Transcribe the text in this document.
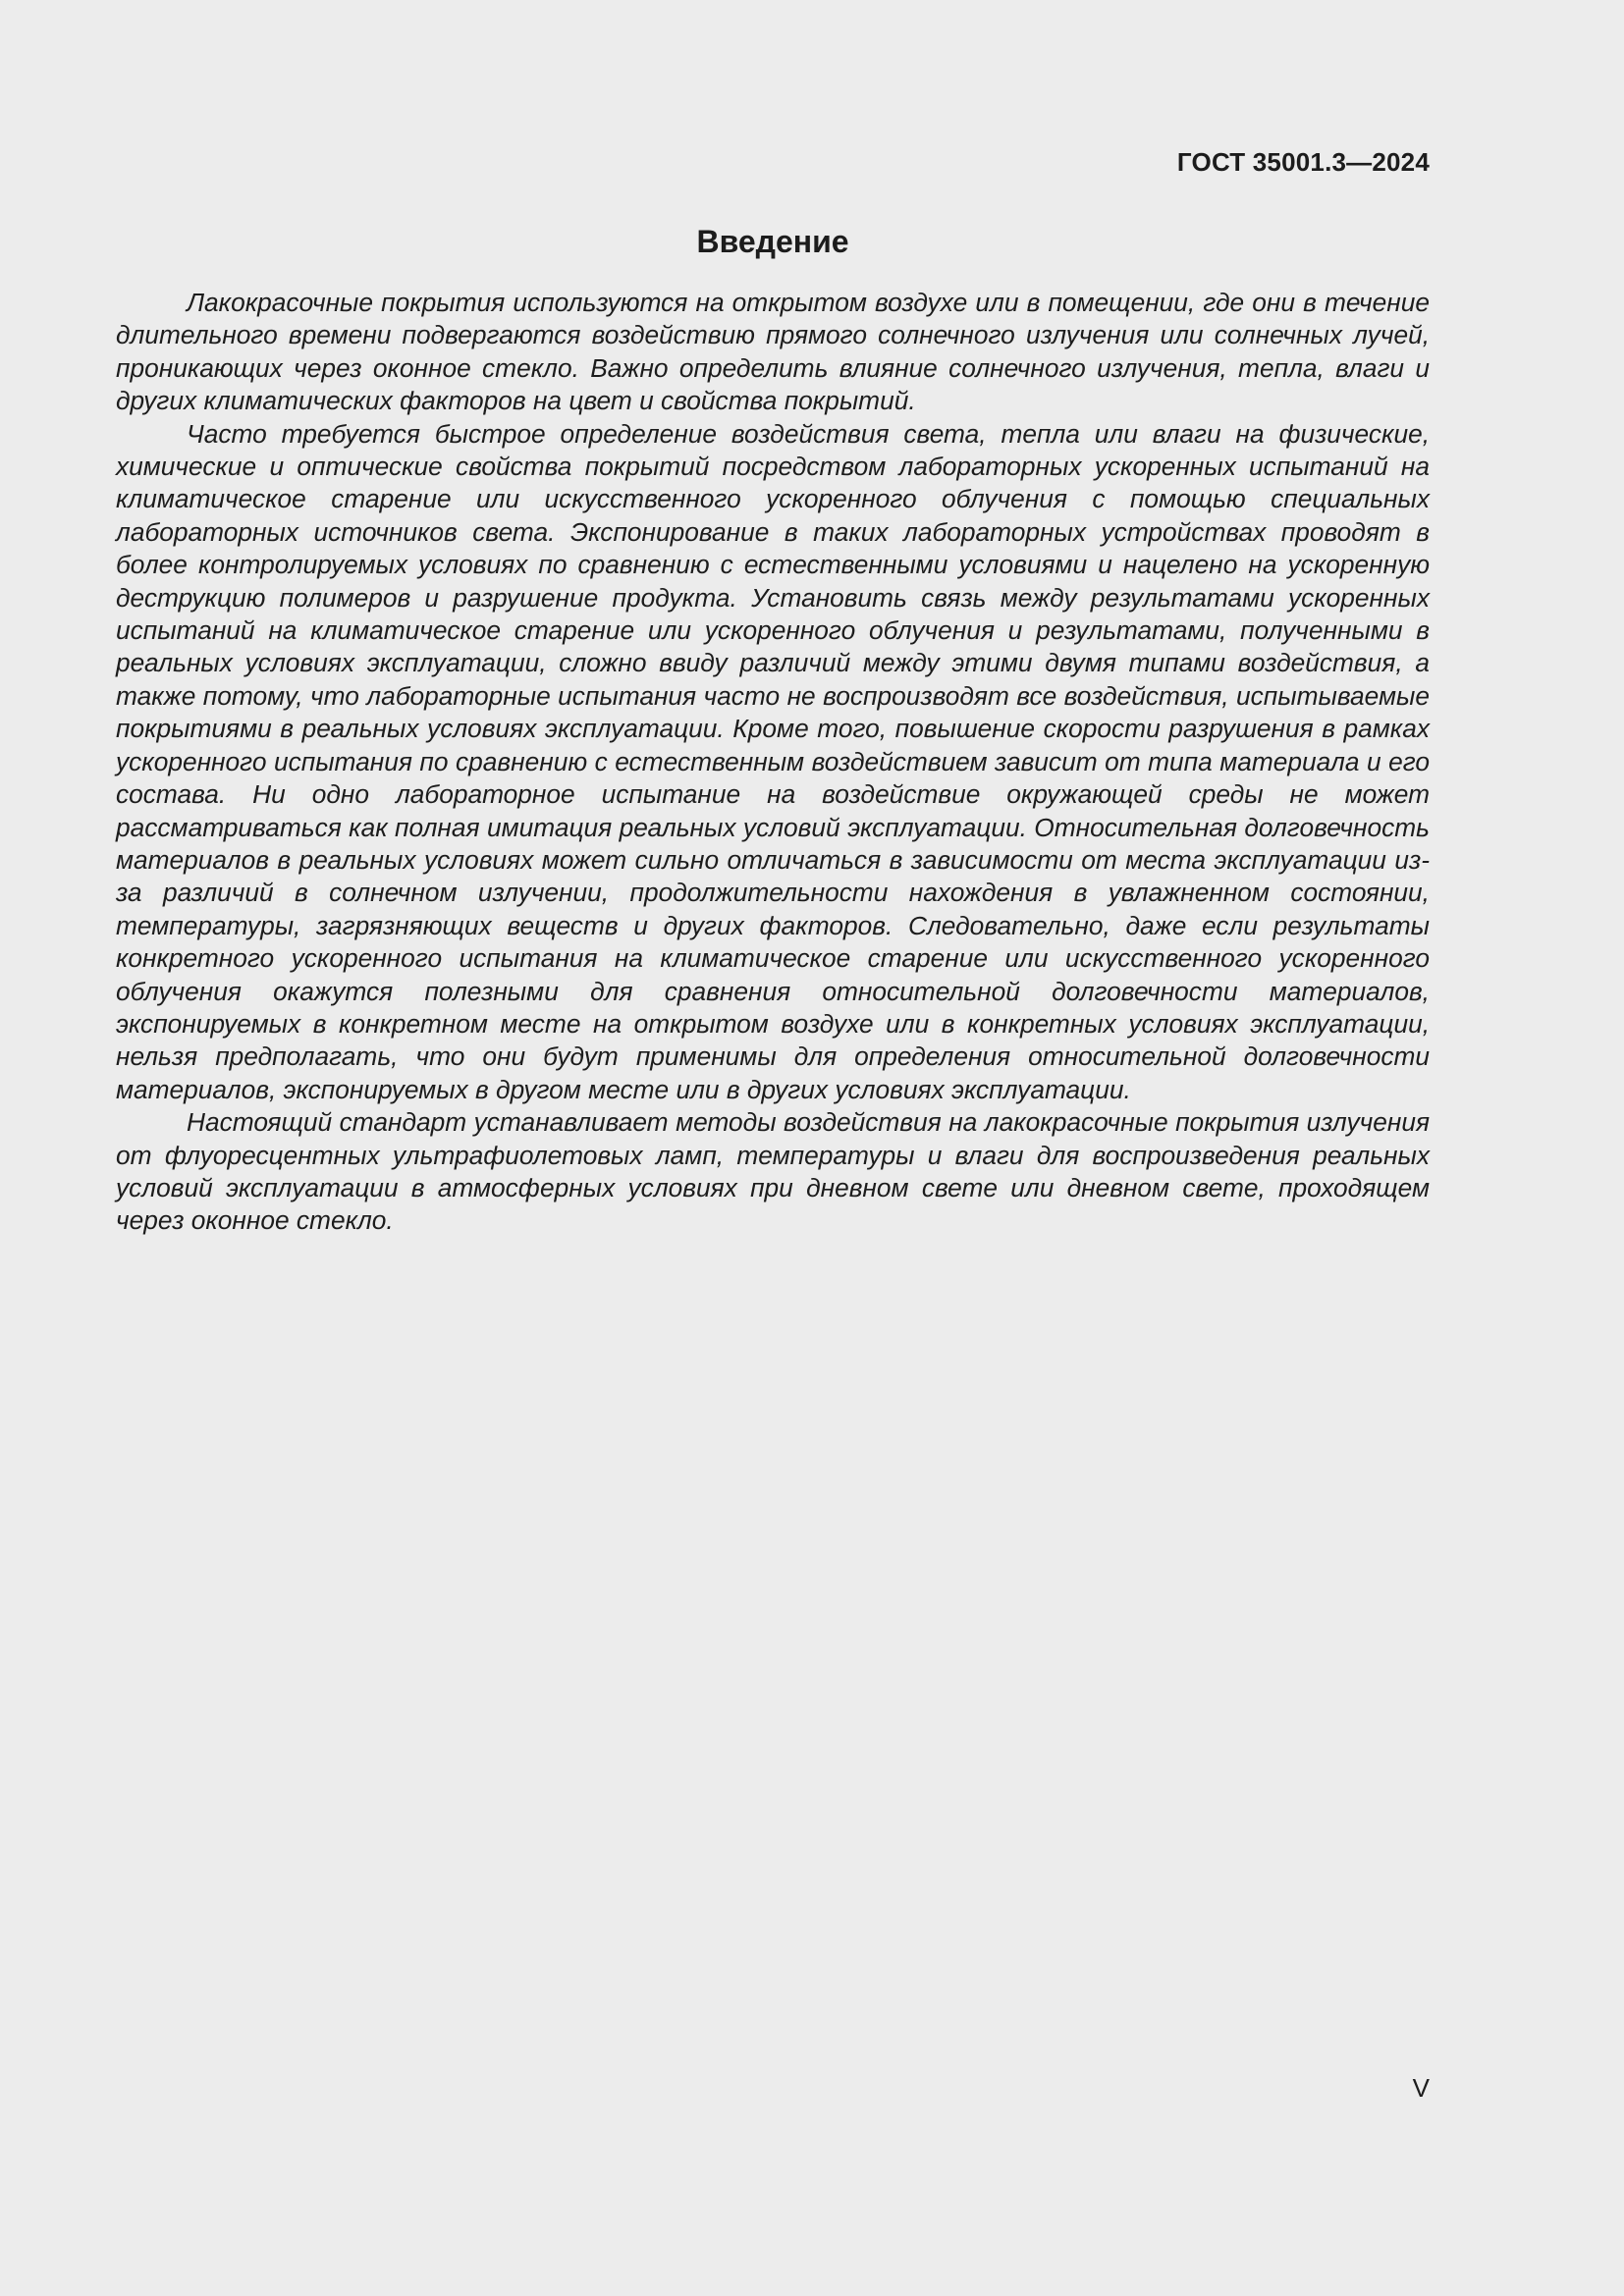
ГОСТ 35001.3—2024
Введение

Лакокрасочные покрытия используются на открытом воздухе или в помещении, где они в течение длительного времени подвергаются воздействию прямого солнечного излучения или солнечных лучей, проникающих через оконное стекло. Важно определить влияние солнечного излучения, тепла, влаги и других климатических факторов на цвет и свойства покрытий.

Часто требуется быстрое определение воздействия света, тепла или влаги на физические, химические и оптические свойства покрытий посредством лабораторных ускоренных испытаний на климатическое старение или искусственного ускоренного облучения с помощью специальных лабораторных источников света. Экспонирование в таких лабораторных устройствах проводят в более контролируемых условиях по сравнению с естественными условиями и нацелено на ускоренную деструкцию полимеров и разрушение продукта. Установить связь между результатами ускоренных испытаний на климатическое старение или ускоренного облучения и результатами, полученными в реальных условиях эксплуатации, сложно ввиду различий между этими двумя типами воздействия, а также потому, что лабораторные испытания часто не воспроизводят все воздействия, испытываемые покрытиями в реальных условиях эксплуатации. Кроме того, повышение скорости разрушения в рамках ускоренного испытания по сравнению с естественным воздействием зависит от типа материала и его состава. Ни одно лабораторное испытание на воздействие окружающей среды не может рассматриваться как полная имитация реальных условий эксплуатации. Относительная долговечность материалов в реальных условиях может сильно отличаться в зависимости от места эксплуатации из-за различий в солнечном излучении, продолжительности нахождения в увлажненном состоянии, температуры, загрязняющих веществ и других факторов. Следовательно, даже если результаты конкретного ускоренного испытания на климатическое старение или искусственного ускоренного облучения окажутся полезными для сравнения относительной долговечности материалов, экспонируемых в конкретном месте на открытом воздухе или в конкретных условиях эксплуатации, нельзя предполагать, что они будут применимы для определения относительной долговечности материалов, экспонируемых в другом месте или в других условиях эксплуатации.

Настоящий стандарт устанавливает методы воздействия на лакокрасочные покрытия излучения от флуоресцентных ультрафиолетовых ламп, температуры и влаги для воспроизведения реальных условий эксплуатации в атмосферных условиях при дневном свете или дневном свете, проходящем через оконное стекло.

V
